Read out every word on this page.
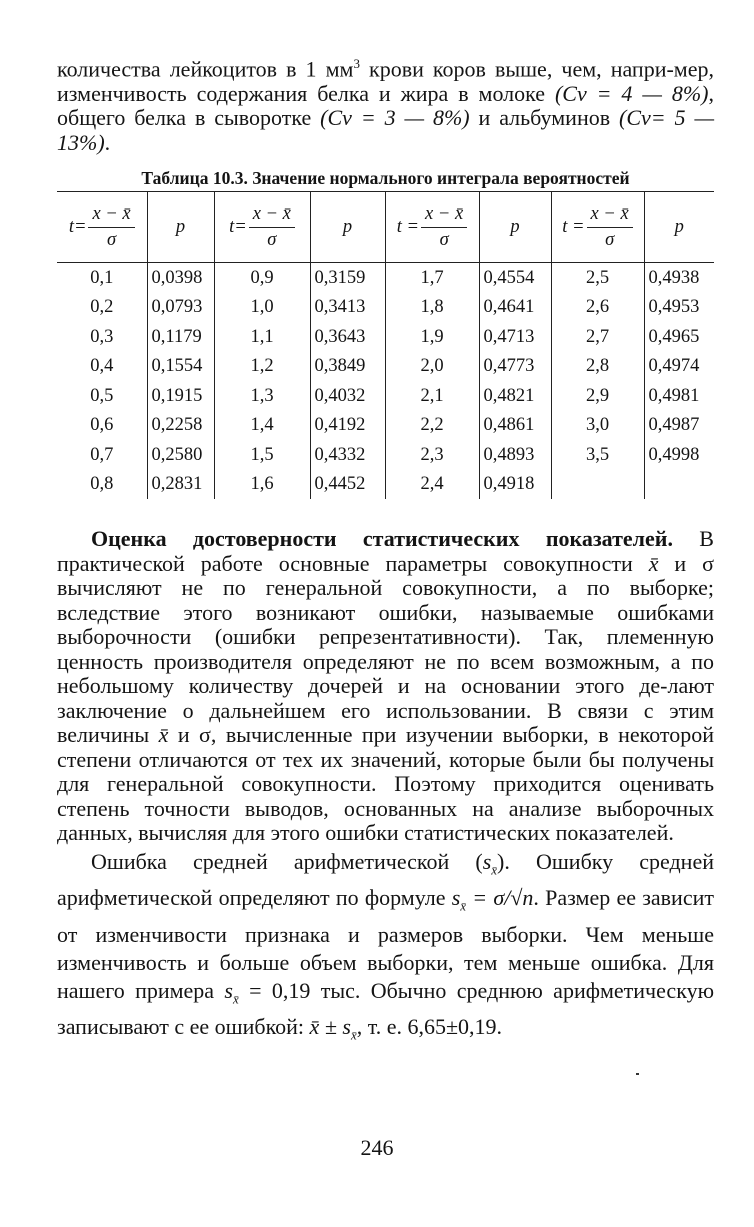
количества лейкоцитов в 1 $мм^3$ крови коров выше, чем, напри-мер, изменчивость содержания белка и жира в молоке (Cv = 4 — 8%), общего белка в сыворотке (Cv = 3 — 8%) и альбуминов (Cv= 5 — 13%).

Таблица 10.3. Значение нормального интеграла вероятностей
$t= \frac{x - x̄}{\sigma}$	p	$t= \frac{x - x̄}{\sigma}$	p	$t = \frac{x - x̄}{\sigma}$	p	$t = \frac{x - x̄}{\sigma}$	p
0,1	0,0398	0,9	0,3159	1,7	0,4554	2,5	0,4938
0,2	0,0793	1,0	0,3413	1,8	0,4641	2,6	0,4953
0,3	0,1179	1,1	0,3643	1,9	0,4713	2,7	0,4965
0,4	0,1554	1,2	0,3849	2,0	0,4773	2,8	0,4974
0,5	0,1915	1,3	0,4032	2,1	0,4821	2,9	0,4981
0,6	0,2258	1,4	0,4192	2,2	0,4861	3,0	0,4987
0,7	0,2580	1,5	0,4332	2,3	0,4893	3,5	0,4998
0,8	0,2831	1,6	0,4452	2,4	0,4918		

Оценка достоверности статистических показателей. В практической работе основные параметры совокупности x̄ и σ вычисляют не по генеральной совокупности, а по выборке; вследствие этого возникают ошибки, называемые ошибками выборочности (ошибки репрезентативности). Так, племенную ценность производителя определяют не по всем возможным, а по небольшому количеству дочерей и на основании этого де-лают заключение о дальнейшем его использовании. В связи с этим величины x̄ и σ, вычисленные при изучении выборки, в некоторой степени отличаются от тех их значений, которые были бы получены для генеральной совокупности. Поэтому приходится оценивать степень точности выводов, основанных на анализе выборочных данных, вычисляя для этого ошибки статистических показателей.

Ошибка средней арифметической $(s_{x̄})$. Ошибку средней арифметической определяют по формуле $s_{x̄} = \sigma/√n$. Размер ее зависит от изменчивости признака и размеров выборки. Чем меньше изменчивость и больше объем выборки, тем меньше ошибка. Для нашего примера $s_{x̄} = 0,19$ тыс. Обычно среднюю арифметическую записывают с ее ошибкой: x̄ ± $s_{x̄}$, т. е. 6,65±0,19.

246
